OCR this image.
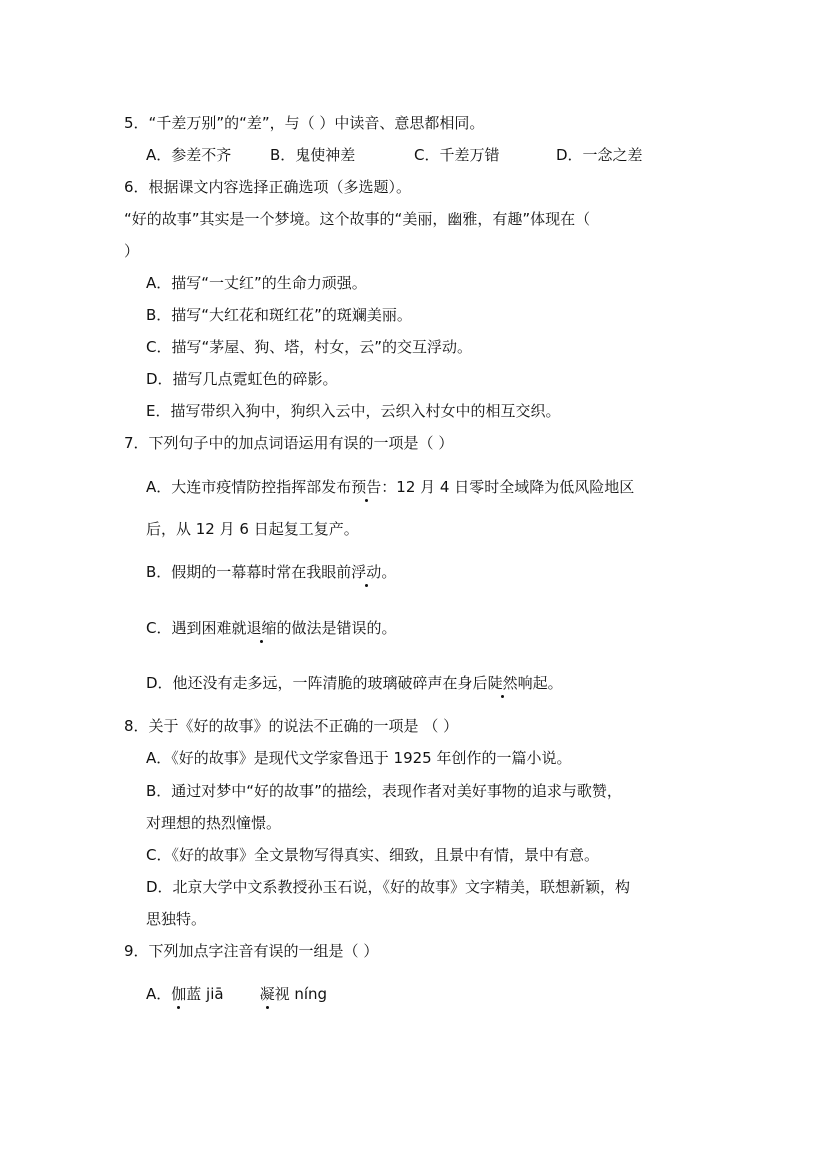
5．“千差万别”的“差”，与（ ）中读音、意思都相同。
A．参差不齐	B．鬼使神差	C．千差万错	D．一念之差
6．根据课文内容选择正确选项（多选题）。
“好的故事”其实是一个梦境。这个故事的“美丽，幽雅，有趣”体现在（
）
A．描写“一丈红”的生命力顽强。
B．描写“大红花和斑红花”的斑斓美丽。
C．描写“茅屋、狗、塔，村女，云”的交互浮动。
D．描写几点霓虹色的碎影。
E．描写带织入狗中，狗织入云中，云织入村女中的相互交织。
7．下列句子中的加点词语运用有误的一项是（ ）
A．大连市疫情防控指挥部发布预告：12 月 4 日零时全域降为低风险地区
后，从 12 月 6 日起复工复产。
B．假期的一幕幕时常在我眼前浮动。
C．遇到困难就退缩的做法是错误的。
D．他还没有走多远，一阵清脆的玻璃破碎声在身后陡然响起。
8．关于《好的故事》的说法不正确的一项是 （ ）
A．《好的故事》是现代文学家鲁迅于 1925 年创作的一篇小说。
B．通过对梦中“好的故事”的描绘，表现作者对美好事物的追求与歌赞，
对理想的热烈憧憬。
C．《好的故事》全文景物写得真实、细致，且景中有情，景中有意。
D．北京大学中文系教授孙玉石说，《好的故事》文字精美，联想新颖，构
思独特。
9．下列加点字注音有误的一组是（ ）
A．伽蓝 jiā 凝视 níng
